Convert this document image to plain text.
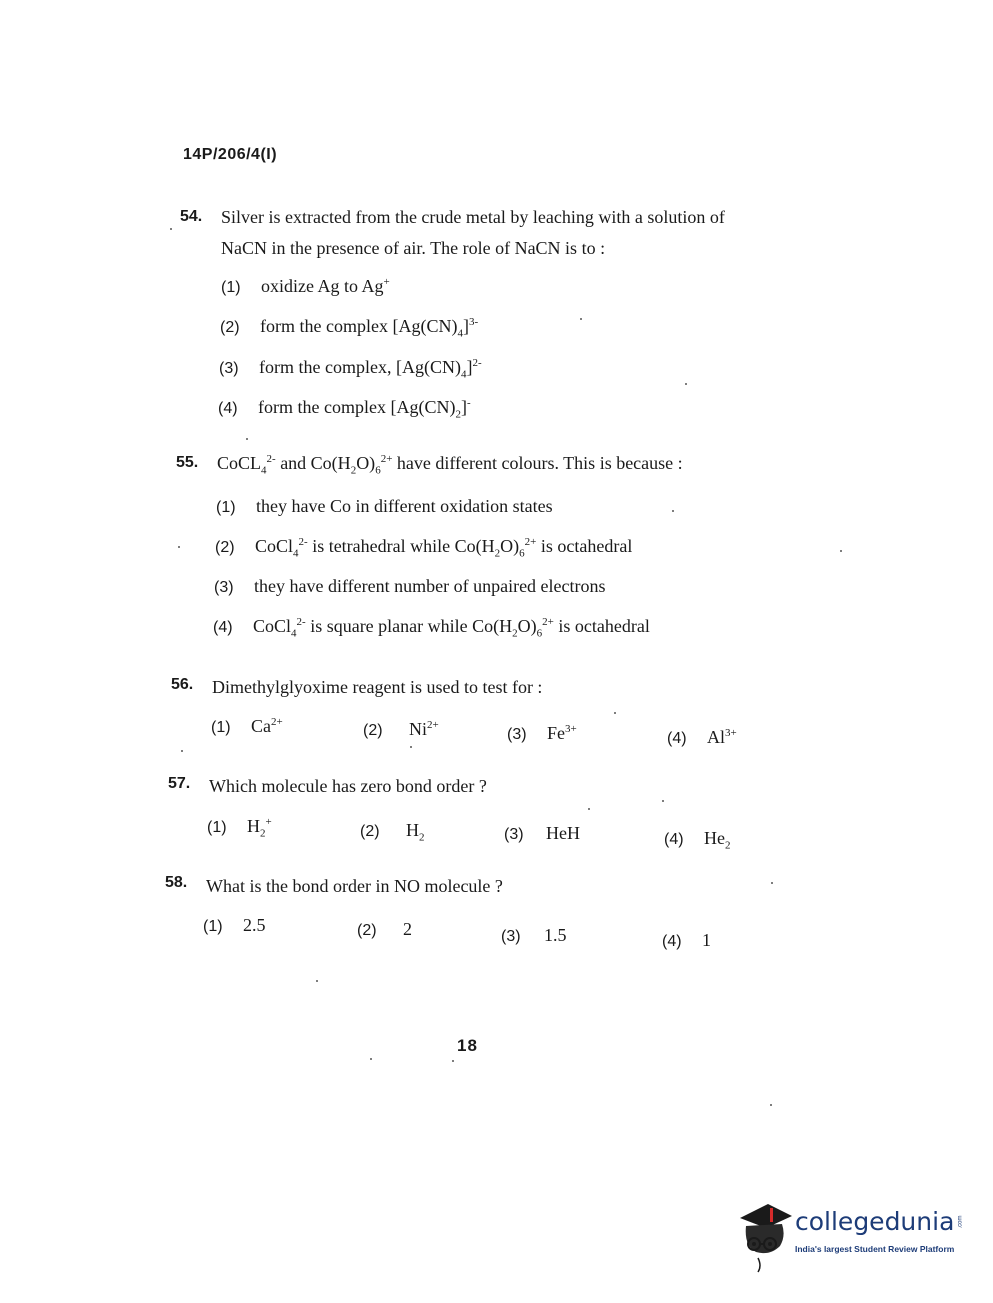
14P/206/4(I)
54. Silver is extracted from the crude metal by leaching with a solution of
NaCN in the presence of air. The role of NaCN is to :
(1) oxidize Ag to Ag+
(2) form the complex $[Ag(CN)_4]^{3-}$
(3) form the complex, $[Ag(CN)_4]^{2-}$
(4) form the complex $[Ag(CN)_2]^-$
55. CoCL$_4^{2-}$ and $Co(H_2O)_6^{2+}$ have different colours. This is because :
(1) they have Co in different oxidation states
(2) CoCl$_4^{2-}$ is tetrahedral while $Co(H_2O)_6^{2+}$ is octahedral
(3) they have different number of unpaired electrons
(4) CoCl$_4^{2-}$ is square planar while $Co(H_2O)_6^{2+}$ is octahedral
56. Dimethylglyoxime reagent is used to test for :
(1) $Ca^{2+}$	(2) $Ni^{2+}$
(3) $Fe^{3+}$
(4) $Al^{3+}$
57. Which molecule has zero bond order ?
(1) $H_2^+$
(2) $H_2$	(3) HeH	(4) $He_2$
58. What is the bond order in NO molecule ?
(1) 2.5	(2) 2	(3) 1.5	(4) 1
18
collegedunia .com
India's largest Student Review Platform
